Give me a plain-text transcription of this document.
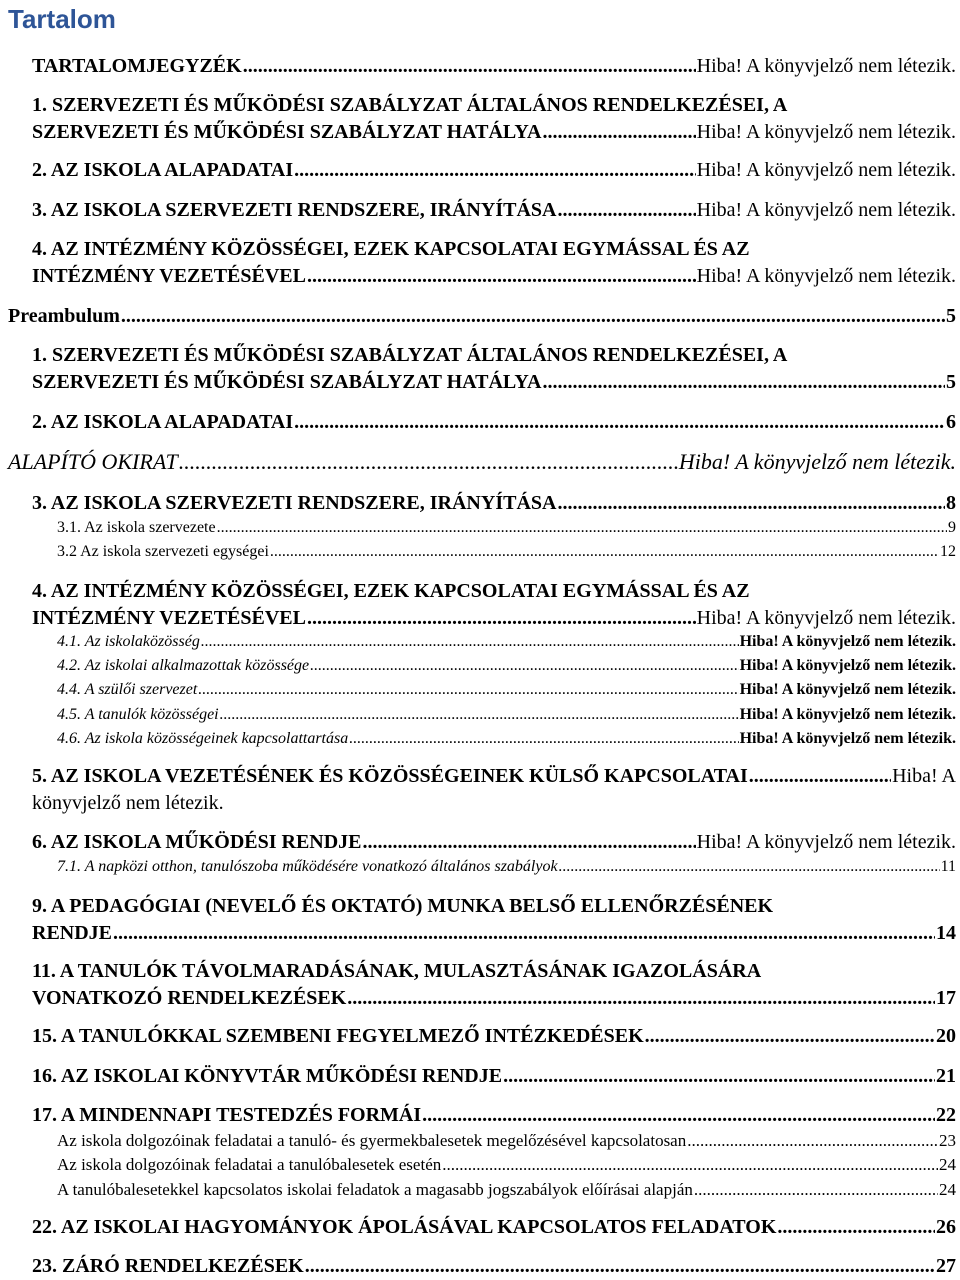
Tartalom
TARTALOMJEGYZÉK .....	Hiba! A könyvjelző nem létezik.
1. SZERVEZETI ÉS MŰKÖDÉSI SZABÁLYZAT ÁLTALÁNOS RENDELKEZÉSEI, A
SZERVEZETI ÉS MŰKÖDÉSI SZABÁLYZAT HATÁLYA .....	Hiba! A könyvjelző nem létezik.
2. AZ ISKOLA ALAPADATAI .....	Hiba! A könyvjelző nem létezik.
3. AZ ISKOLA SZERVEZETI RENDSZERE, IRÁNYÍTÁSA .....	Hiba! A könyvjelző nem létezik.
4. AZ INTÉZMÉNY KÖZÖSSÉGEI, EZEK KAPCSOLATAI EGYMÁSSAL ÉS AZ
INTÉZMÉNY VEZETÉSÉVEL .....	Hiba! A könyvjelző nem létezik.
Preambulum .....	5
1. SZERVEZETI ÉS MŰKÖDÉSI SZABÁLYZAT ÁLTALÁNOS RENDELKEZÉSEI, A
SZERVEZETI ÉS MŰKÖDÉSI SZABÁLYZAT HATÁLYA .....	5
2. AZ ISKOLA ALAPADATAI .....	6
ALAPÍTÓ OKIRAT .....	Hiba! A könyvjelző nem létezik.
3. AZ ISKOLA SZERVEZETI RENDSZERE, IRÁNYÍTÁSA .....	8
3.1. Az iskola szervezete .....	9
3.2 Az iskola szervezeti egységei .....	12
4. AZ INTÉZMÉNY KÖZÖSSÉGEI, EZEK KAPCSOLATAI EGYMÁSSAL ÉS AZ
INTÉZMÉNY VEZETÉSÉVEL .....	Hiba! A könyvjelző nem létezik.
4.1. Az iskolaközösség .....	Hiba! A könyvjelző nem létezik.
4.2. Az iskolai alkalmazottak közössége .....	Hiba! A könyvjelző nem létezik.
4.4. A szülői szervezet .....	Hiba! A könyvjelző nem létezik.
4.5. A tanulók közösségei .....	Hiba! A könyvjelző nem létezik.
4.6. Az iskola közösségeinek kapcsolattartása .....	Hiba! A könyvjelző nem létezik.
5. AZ ISKOLA VEZETÉSÉNEK ÉS KÖZÖSSÉGEINEK KÜLSŐ KAPCSOLATAI .....	Hiba! A
könyvjelző nem létezik.
6. AZ ISKOLA MŰKÖDÉSI RENDJE .....	Hiba! A könyvjelző nem létezik.
7.1. A napközi otthon, tanulószoba működésére vonatkozó általános szabályok .....	11
9. A PEDAGÓGIAI (NEVELŐ ÉS OKTATÓ) MUNKA BELSŐ ELLENŐRZÉSÉNEK
RENDJE .....	14
11. A TANULÓK TÁVOLMARADÁSÁNAK, MULASZTÁSÁNAK IGAZOLÁSÁRA
VONATKOZÓ RENDELKEZÉSEK .....	17
15. A TANULÓKKAL SZEMBENI FEGYELMEZŐ INTÉZKEDÉSEK .....	20
16. AZ ISKOLAI KÖNYVTÁR MŰKÖDÉSI RENDJE .....	21
17. A MINDENNAPI TESTEDZÉS FORMÁI .....	22
Az iskola dolgozóinak feladatai a tanuló- és gyermekbalesetek megelőzésével kapcsolatosan .....	23
Az iskola dolgozóinak feladatai a tanulóbalesetek esetén .....	24
A tanulóbalesetekkel kapcsolatos iskolai feladatok a magasabb jogszabályok előírásai alapján .....	24
22. AZ ISKOLAI HAGYOMÁNYOK ÁPOLÁSÁVAL KAPCSOLATOS FELADATOK .....	26
23. ZÁRÓ RENDELKEZÉSEK .....	27
